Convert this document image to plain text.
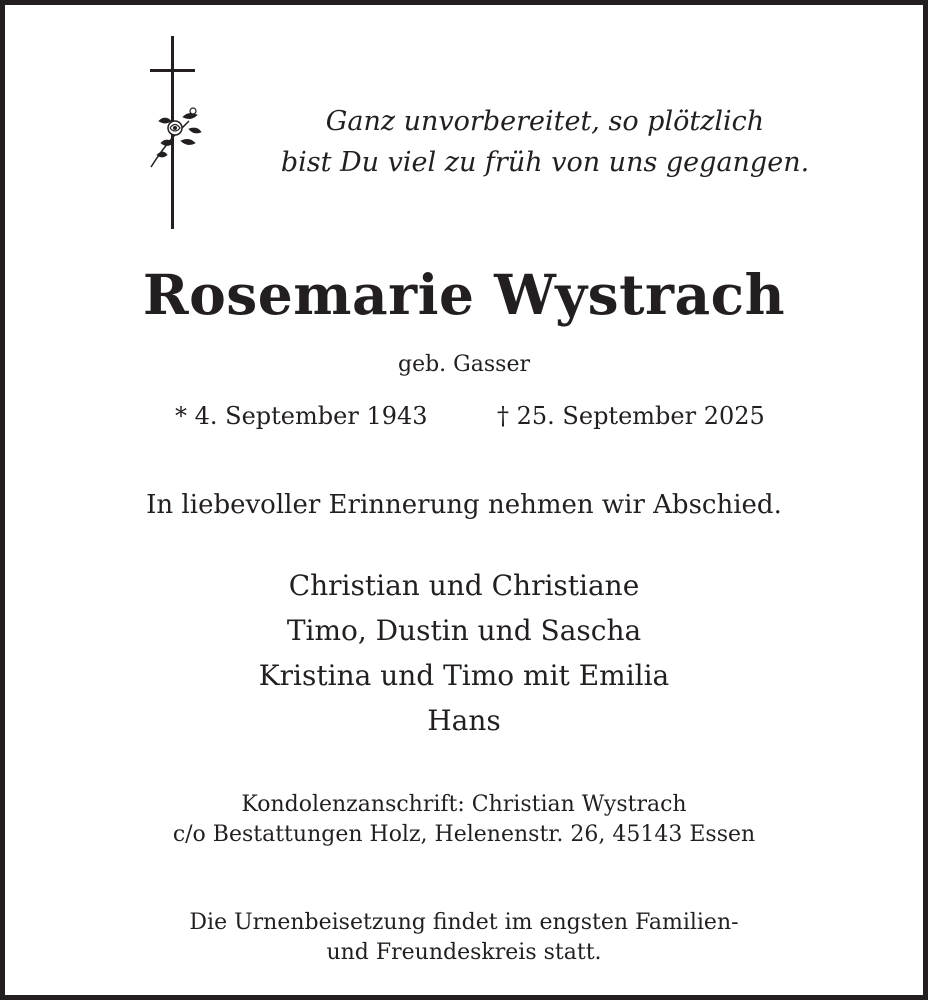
Ganz unvorbereitet, so plötzlich
bist Du viel zu früh von uns gegangen.
Rosemarie Wystrach
geb. Gasser
* 4. September 1943	† 25. September 2025
In liebevoller Erinnerung nehmen wir Abschied.
Christian und Christiane
Timo, Dustin und Sascha
Kristina und Timo mit Emilia
Hans
Kondolenzanschrift: Christian Wystrach
c/o Bestattungen Holz, Helenenstr. 26, 45143 Essen
Die Urnenbeisetzung findet im engsten Familien-
und Freundeskreis statt.
